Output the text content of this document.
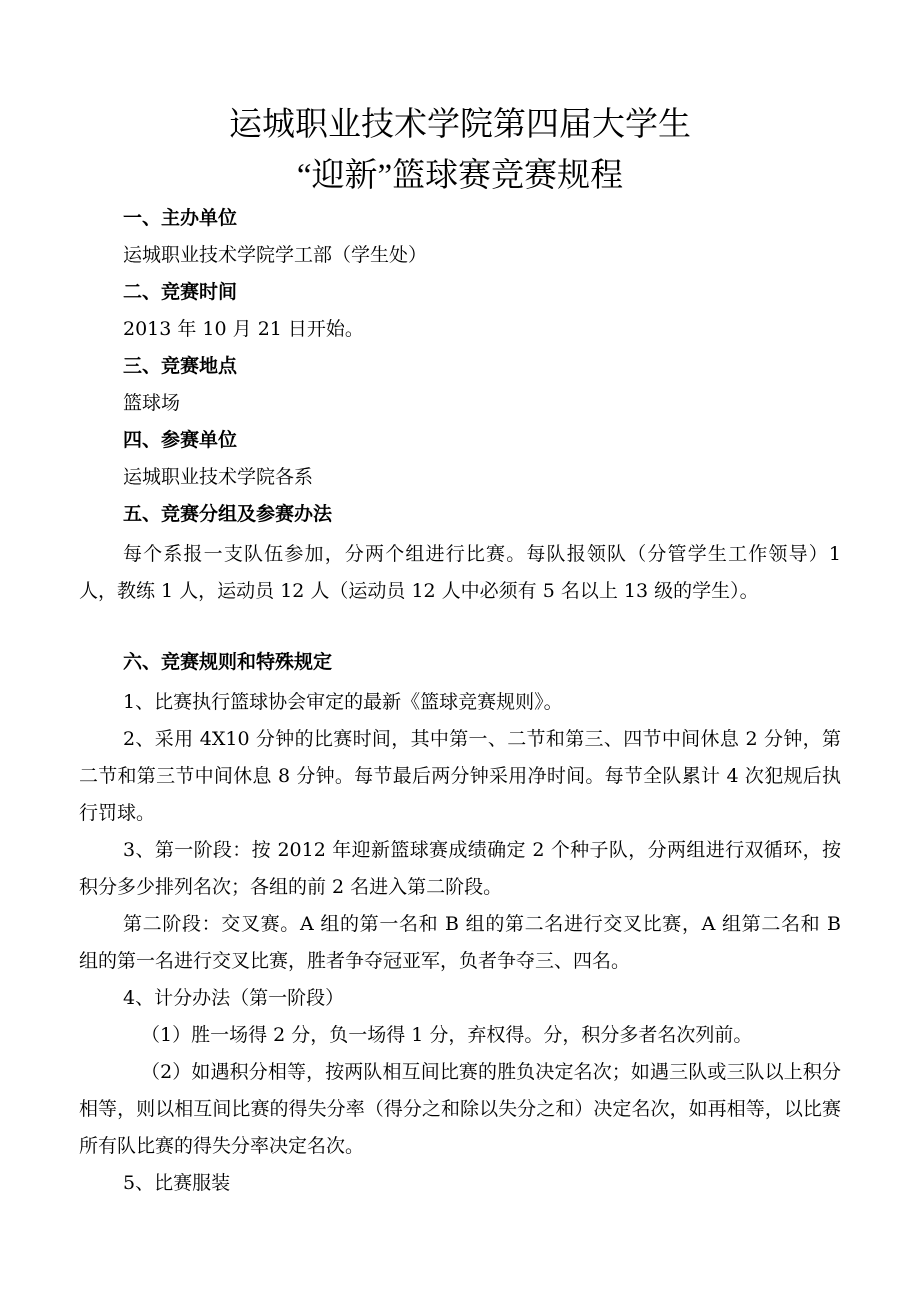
运城职业技术学院第四届大学生
“迎新”篮球赛竞赛规程

一、主办单位

运城职业技术学院学工部（学生处）

二、竞赛时间

2013 年 10 月 21 日开始。

三、竞赛地点

篮球场

四、参赛单位

运城职业技术学院各系

五、竞赛分组及参赛办法

每个系报一支队伍参加，分两个组进行比赛。每队报领队（分管学生工作领导）1 人，教练 1 人，运动员 12 人（运动员 12 人中必须有 5 名以上 13 级的学生）。

六、竞赛规则和特殊规定

1、比赛执行篮球协会审定的最新《篮球竞赛规则》。

2、采用 4X10 分钟的比赛时间，其中第一、二节和第三、四节中间休息 2 分钟，第二节和第三节中间休息 8 分钟。每节最后两分钟采用净时间。每节全队累计 4 次犯规后执行罚球。

3、第一阶段：按 2012 年迎新篮球赛成绩确定 2 个种子队，分两组进行双循环，按积分多少排列名次；各组的前 2 名进入第二阶段。

第二阶段：交叉赛。A 组的第一名和 B 组的第二名进行交叉比赛，A 组第二名和 B 组的第一名进行交叉比赛，胜者争夺冠亚军，负者争夺三、四名。

4、计分办法（第一阶段）

（1）胜一场得 2 分，负一场得 1 分，弃权得。分，积分多者名次列前。

（2）如遇积分相等，按两队相互间比赛的胜负决定名次；如遇三队或三队以上积分相等，则以相互间比赛的得失分率（得分之和除以失分之和）决定名次，如再相等，以比赛所有队比赛的得失分率决定名次。

5、比赛服装
